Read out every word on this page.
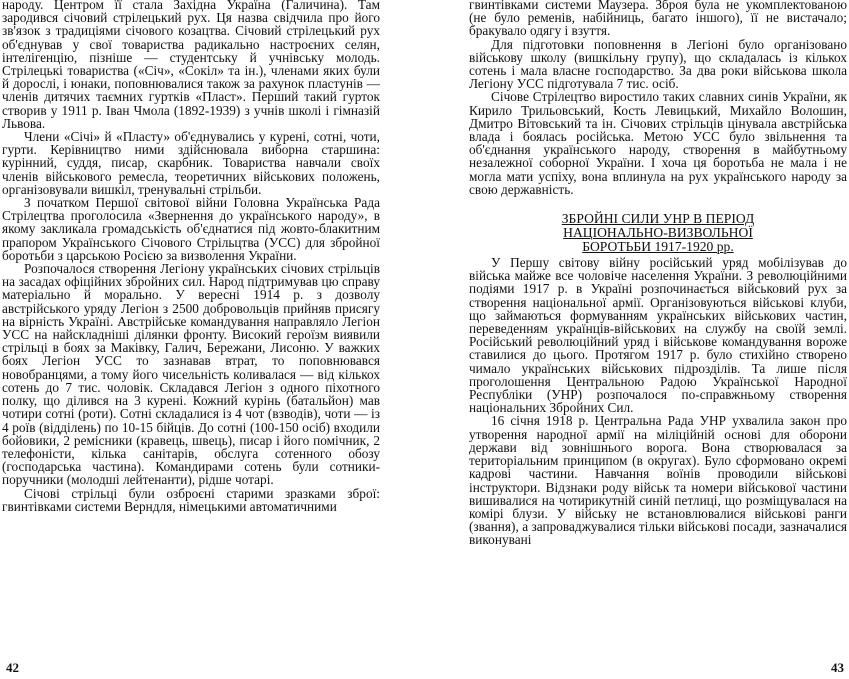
народу. Центром її стала Західна Україна (Галичина). Там зародився січовий стрілецький рух. Ця назва свідчила про його зв'язок з традиціями січового козацтва. Січовий стрілецький рух об'єднував у свої товариства радикально настроєних селян, інтелігенцію, пізніше — студентську й учнівську молодь. Стрілецькі товариства («Січ», «Сокіл» та ін.), членами яких були й дорослі, і юнаки, поповнювалися також за рахунок пластунів — членів дитячих таємних гуртків «Пласт». Перший такий гурток створив у 1911 р. Іван Чмола (1892-1939) з учнів школі і гімназій Львова.

Члени «Січі» й «Пласту» об'єднувались у курені, сотні, чоти, гурти. Керівництво ними здійснювала виборна старшина: курінний, суддя, писар, скарбник. Товариства навчали своїх членів військового ремесла, теоретичних військових положень, організовували вишкіл, тренувальні стрільби.

З початком Першої світової війни Головна Українська Рада Стрілецтва проголосила «Звернення до українського народу», в якому закликала громадськість об'єднатися під жовто-блакитним прапором Українського Січового Стрільцтва (УСС) для збройної боротьби з царською Росією за визволення України.

Розпочалося створення Легіону українських січових стрільців на засадах офіційних збройних сил. Народ підтримував цю справу матеріально й морально. У вересні 1914 р. з дозволу австрійського уряду Легіон з 2500 добровольців прийняв присягу на вірність Україні. Австрійське командування направляло Легіон УСС на найскладніші ділянки фронту. Високий героїзм виявили стрільці в боях за Маківку, Галич, Бережани, Лисоню. У важких боях Легіон УСС то зазнавав втрат, то поповнювався новобранцями, а тому його чисельність коливалася — від кількох сотень до 7 тис. чоловік. Складався Легіон з одного піхотного полку, що ділився на 3 курені. Кожний курінь (батальйон) мав чотири сотні (роти). Сотні складалися із 4 чот (взводів), чоти — із 4 роїв (відділень) по 10-15 бійців. До сотні (100-150 осіб) входили бойовики, 2 ремісники (кравець, швець), писар і його помічник, 2 телефоністи, кілька санітарів, обслуга сотенного обозу (господарська частина). Командирами сотень були сотники-поручники (молодші лейтенанти), рідше чотарі.

Січові стрільці були озброєні старими зразками зброї: гвинтівками системи Верндля, німецькими автоматичними

гвинтівками системи Маузера. Зброя була не укомплектованою (не було ременів, набійниць, багато іншого), її не вистачало; бракувало одягу і взуття.

Для підготовки поповнення в Легіоні було організовано військову школу (вишкільну групу), що складалась із кількох сотень і мала власне господарство. За два роки військова школа Легіону УСС підготувала 7 тис. осіб.

Січове Стрілецтво виростило таких славних синів України, як Кирило Трильовський, Кость Левицький, Михайло Волошин, Дмитро Вітовський та ін. Січових стрільців цінувала австрійська влада і боялась російська. Метою УСС було звільнення та об'єднання українського народу, створення в майбутньому незалежної соборної України. І хоча ця боротьба не мала і не могла мати успіху, вона вплинула на рух українського народу за свою державність.

ЗБРОЙНІ СИЛИ УНР В ПЕРІОД
НАЦІОНАЛЬНО-ВИЗВОЛЬНОЇ
БОРОТЬБИ 1917-1920 рр.

У Першу світову війну російський уряд мобілізував до війська майже все чоловіче населення України. З революційними подіями 1917 р. в Україні розпочинається військовий рух за створення національної армії. Організовуються військові клуби, що займаються формуванням українських військових частин, переведенням українців-військових на службу на своїй землі. Російський революційний уряд і військове командування вороже ставилися до цього. Протягом 1917 р. було стихійно створено чимало українських військових підрозділів. Та лише після проголошення Центральною Радою Української Народної Республіки (УНР) розпочалося по-справжньому створення національних Збройних Сил.

16 січня 1918 р. Центральна Рада УНР ухвалила закон про утворення народної армії на міліційній основі для оборони держави від зовнішнього ворога. Вона створювалася за територіальним принципом (в округах). Було сформовано окремі кадрові частини. Навчання воїнів проводили військові інструктори. Відзнаки роду військ та номери військової частини вишивалися на чотирикутній синій петлиці, що розміщувалася на комірі блузи. У війську не встановлювалися військові ранги (звання), а запроваджувалися тільки військові посади, зазначалися виконувані

42	43
